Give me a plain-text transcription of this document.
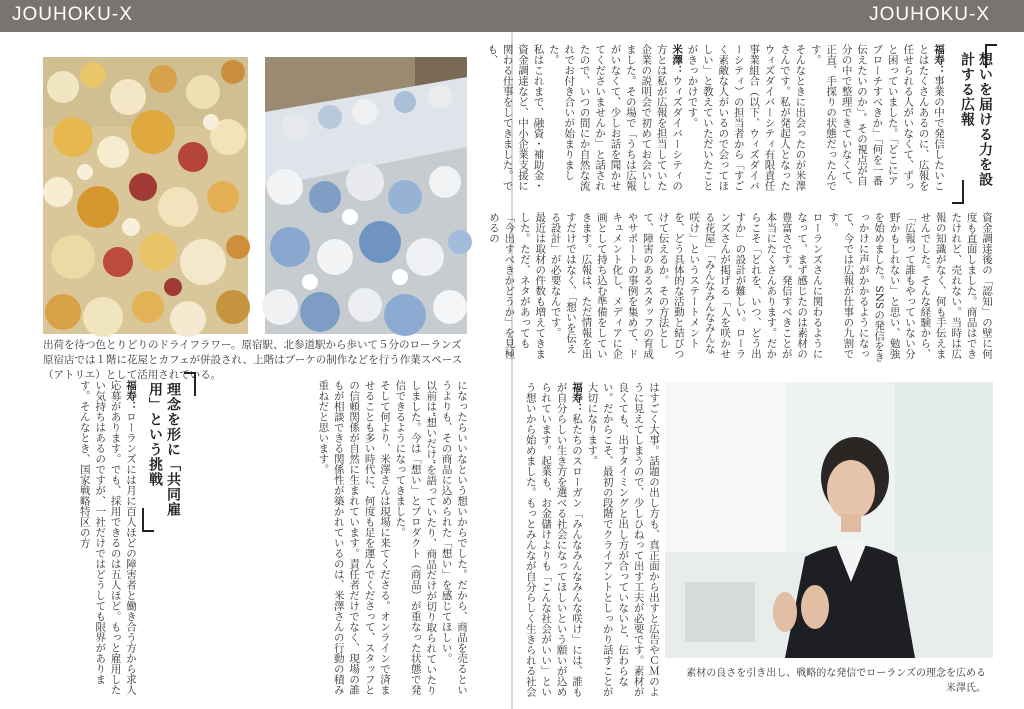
JOUHOKU-X	JOUHOKU-X
出荷を待つ色とりどりのドライフラワー。原宿駅、北参道駅から歩いて５分のローランズ原宿店では１階に花屋とカフェが併設され、上階はブーケの制作などを行う作業スペース（アトリエ）として活用されている。
理念を形に「共同雇用」という挑戦	になったらいいなという想いからでした。だから、商品を売るというよりも、その商品に込められた「想い」を感じてほしい。

以前は“想いだけ”を語っていたり、商品だけが切り取られていたりしました。今は「想い」とプロダクト（商品）が重なった状態で発信できるようになってきました。

そして何より、米澤さんは現場に来てくださる。オンラインで済ませることも多い時代に、何度も足を運んでくださって、スタッフとの信頼関係が自然に生まれています。責任者だけでなく、現場の誰もが相談できる関係性が築かれているのは、米澤さんの行動の積み重ねだと思います。

福寿：ローランズには月に百人ほどの障害者と働き合う方から求人応募があります。でも、採用できるのは五人ほど。もっと雇用したい気持ちはあるのですが、一社だけではどうしても限界があります。そんなとき、国家戦略特区の方

想いを届ける力を設計する広報

福寿：事業の中で発信したいことはたくさんあるのに、広報を任せられる人がいなくて、ずっと困っていました。「どこにアプローチすべきか」「何を一番伝えたいのか」。その視点が自分の中で整理できていなくて、正直、手探りの状態だったんです。

そんなときに出会ったのが米澤さんです。私が発起人となったウィズダイバーシティ有限責任事業組合（以下、ウィズダイバーシティ）の担当者から「すごく素敵な人がいるので会ってほしい」と教えていただいたことがきっかけです。

米澤：ウィズダイバーシティの方とは私が広報を担当していた企業の説明会で初めてお会いしました。その場で「うちは広報がいなくて、少しお話を聞かせてくださいませんか」と話されたので、いつの間にか自然な流れでお付き合いが始まりました。

私はこれまで、融資・補助金・資金調達など、中小企業支援に関わる仕事をしてきました。でも、

資金調達後の「認知」の壁に何度も直面しました。商品はできたけれど、売れない。当時は広報の知識がなく、何も手伝えませんでした。そんな経験から、「広報って誰もやっていない分野かもしれない」と思い、勉強を始めました。SNSの発信をきっかけに声がかかるようになって、今では広報が仕事の九割です。

ローランズさんに関わるようになって、まず感じたのは素材の豊富さです。発信すべきことが本当にたくさんあります。だからこそ「どれを、いつ、どう出すか」の設計が難しい。ローランズさんが掲げる「人を咲かせる花屋」「みんなみんなみんな咲け」というステートメントを、どう具体的な活動と結びつけて伝えるか。その方法として、障害のあるスタッフの育成やサポートの事例を集めて、ドキュメント化し、メディアに企画として持ち込む準備をしていきます。広報は、ただ情報を出すだけではなく、「想いを伝える設計」が必要なんです。

最近は取材の件数も増えてきました。ただ、ネタがあっても「今出すべきかどうか」を見極めるの

素材の良さを引き出し、戦略的な発信でローランズの理念を広める米澤氏。

はすごく大事。話題の出し方も、真正面から出すと広告やＣＭのように見えてしまうので、少しひねって出す工夫が必要です。素材が良くても、出すタイミングと出し方が合っていないと、伝わらない。だからこそ、最初の段階でクライアントとしっかり話すことが大切になります。

福寿：私たちのスローガン「みんなみんなみんな咲け」には、誰もが自分らしい生き方を選べる社会になってほしいという願いが込められています。起業も、お金儲けよりも「こんな社会がいい」という想いから始めました。もっとみんなが自分らしく生きられる社会
